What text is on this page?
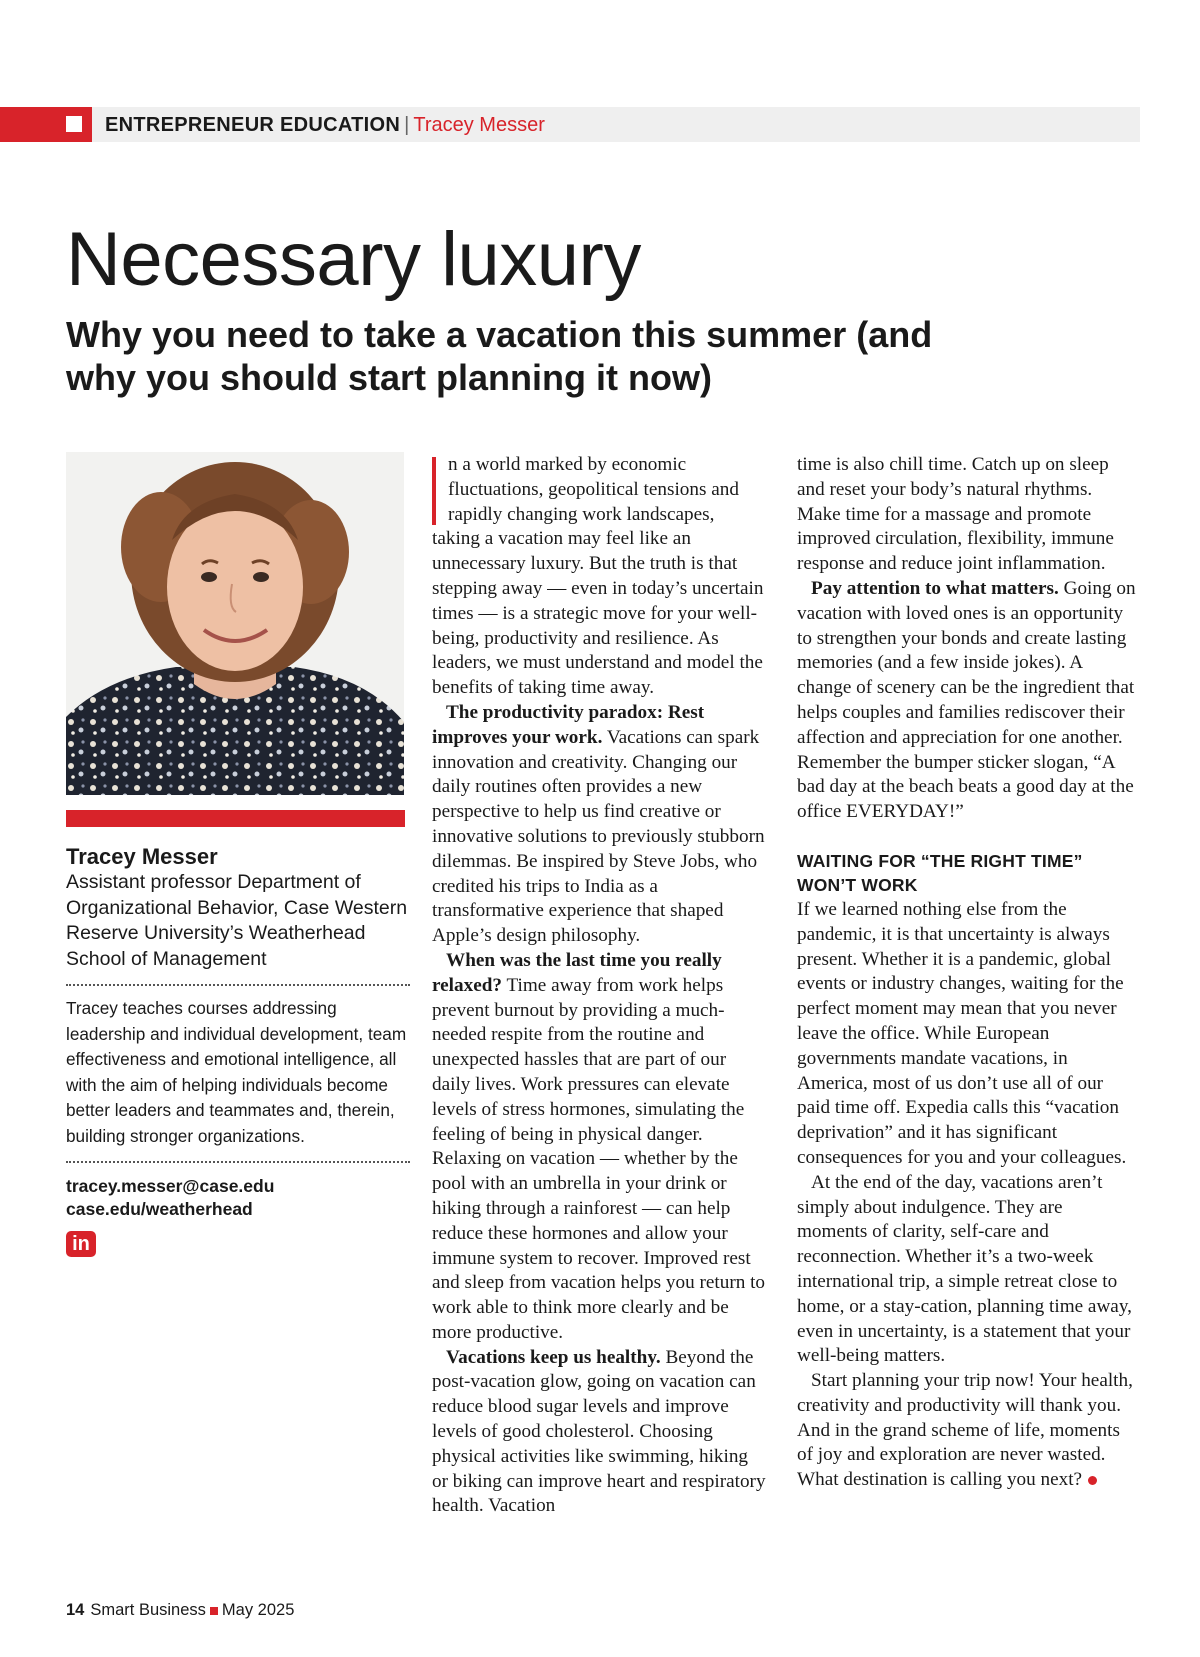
ENTREPRENEUR EDUCATION | Tracey Messer
Necessary luxury
Why you need to take a vacation this summer (and why you should start planning it now)
Tracey Messer
Assistant professor Department of Organizational Behavior, Case Western Reserve University’s Weatherhead School of Management
Tracey teaches courses addressing leadership and individual development, team effectiveness and emotional intelligence, all with the aim of helping individuals become better leaders and teammates and, therein, building stronger organizations.
tracey.messer@case.edu
case.edu/weatherhead
in

n a world marked by economic fluctuations, geopolitical tensions and rapidly changing work landscapes, taking a vacation may feel like an unnecessary luxury. But the truth is that stepping away — even in today’s uncertain times — is a strategic move for your well-being, productivity and resilience. As leaders, we must understand and model the benefits of taking time away.

The productivity paradox: Rest improves your work. Vacations can spark innovation and creativity. Changing our daily routines often provides a new perspective to help us find creative or innovative solutions to previously stubborn dilemmas. Be inspired by Steve Jobs, who credited his trips to India as a transformative experience that shaped Apple’s design philosophy.

When was the last time you really relaxed? Time away from work helps prevent burnout by providing a much-needed respite from the routine and unexpected hassles that are part of our daily lives. Work pressures can elevate levels of stress hormones, simulating the feeling of being in physical danger. Relaxing on vacation — whether by the pool with an umbrella in your drink or hiking through a rainforest — can help reduce these hormones and allow your immune system to recover. Improved rest and sleep from vacation helps you return to work able to think more clearly and be more productive.

Vacations keep us healthy. Beyond the post-vacation glow, going on vacation can reduce blood sugar levels and improve levels of good cholesterol. Choosing physical activities like swimming, hiking or biking can improve heart and respiratory health. Vacation

time is also chill time. Catch up on sleep and reset your body’s natural rhythms. Make time for a massage and promote improved circulation, flexibility, immune response and reduce joint inflammation.

Pay attention to what matters. Going on vacation with loved ones is an opportunity to strengthen your bonds and create lasting memories (and a few inside jokes). A change of scenery can be the ingredient that helps couples and families rediscover their affection and appreciation for one another. Remember the bumper sticker slogan, “A bad day at the beach beats a good day at the office EVERYDAY!”

WAITING FOR “THE RIGHT TIME” WON’T WORK

If we learned nothing else from the pandemic, it is that uncertainty is always present. Whether it is a pandemic, global events or industry changes, waiting for the perfect moment may mean that you never leave the office. While European governments mandate vacations, in America, most of us don’t use all of our paid time off. Expedia calls this “vacation deprivation” and it has significant consequences for you and your colleagues.

At the end of the day, vacations aren’t simply about indulgence. They are moments of clarity, self-care and reconnection. Whether it’s a two-week international trip, a simple retreat close to home, or a stay-cation, planning time away, even in uncertainty, is a statement that your well-being matters.

Start planning your trip now! Your health, creativity and productivity will thank you. And in the grand scheme of life, moments of joy and exploration are never wasted. What destination is calling you next?

14 Smart Business May 2025
